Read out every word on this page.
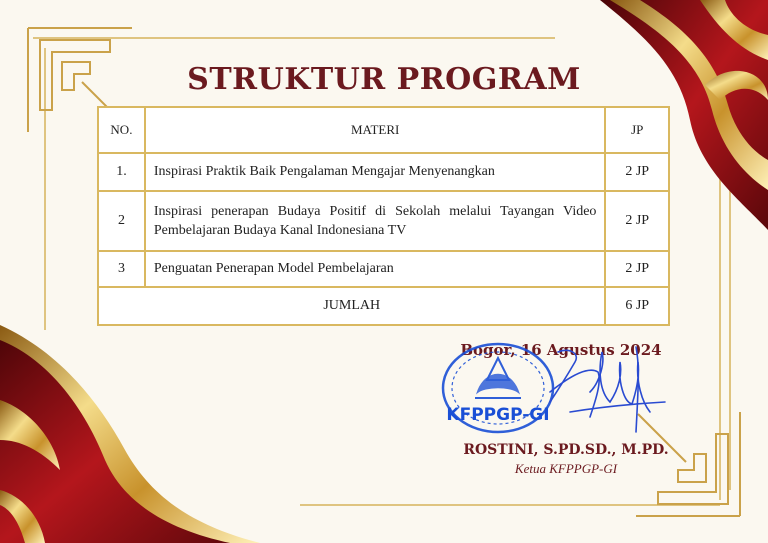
STRUKTUR PROGRAM
NO.	MATERI	JP
1.	Inspirasi Praktik Baik Pengalaman Mengajar Menyenangkan	2 JP
2	Inspirasi penerapan Budaya Positif di Sekolah melalui Tayangan Video Pembelajaran Budaya Kanal Indonesiana TV	2 JP
3	Penguatan Penerapan Model Pembelajaran	2 JP
JUMLAH		6 JP
Bogor, 16 Agustus 2024
KFPPGP-GI
ROSTINI, S.PD.SD., M.PD.
Ketua KFPPGP-GI
